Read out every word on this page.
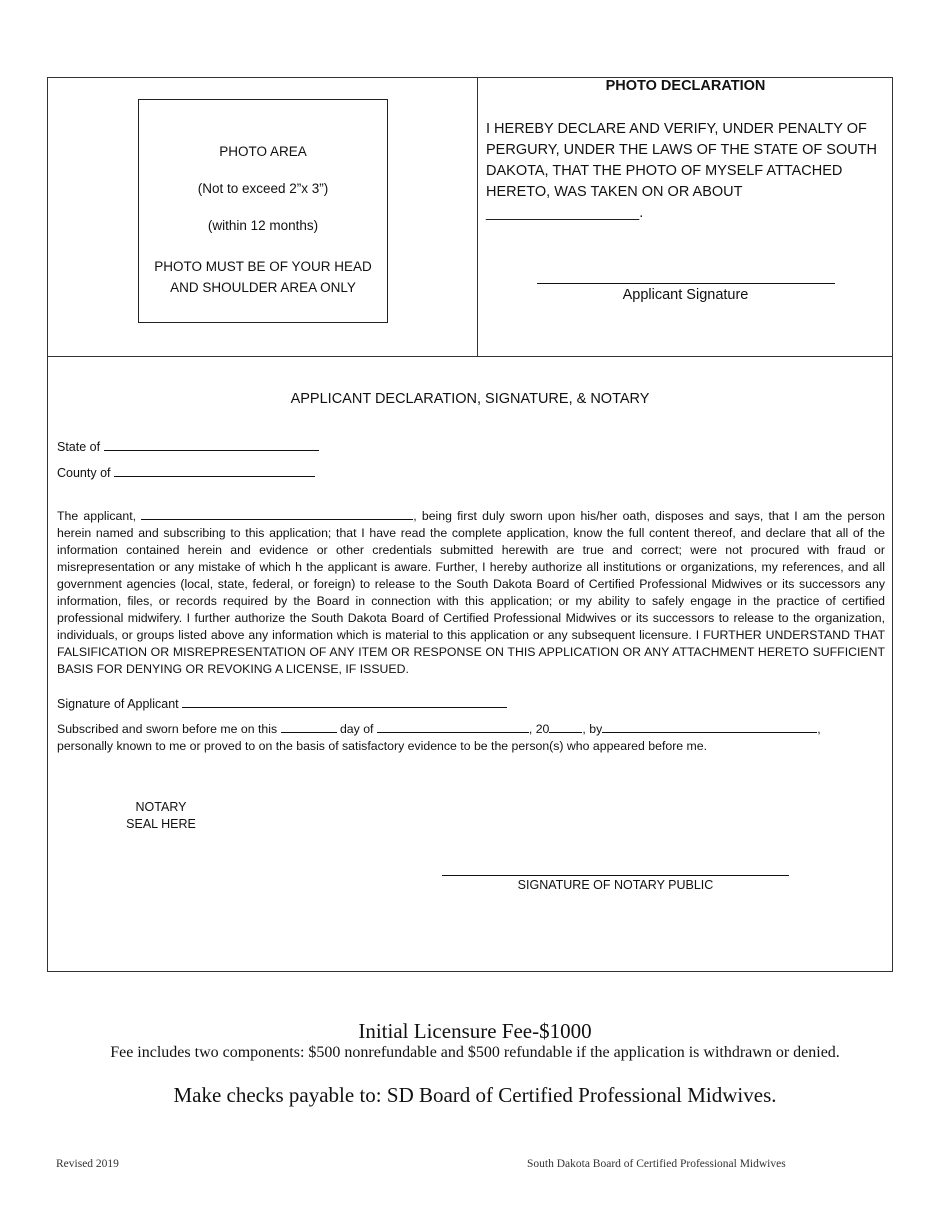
PHOTO AREA
(Not to exceed 2”x 3”)
(within 12 months)
PHOTO MUST BE OF YOUR HEAD AND SHOULDER AREA ONLY
PHOTO DECLARATION
I HEREBY DECLARE AND VERIFY, UNDER PENALTY OF PERGURY, UNDER THE LAWS OF THE STATE OF SOUTH DAKOTA, THAT THE PHOTO OF MYSELF ATTACHED HERETO, WAS TAKEN ON OR ABOUT
___________________.
Applicant Signature
APPLICANT DECLARATION, SIGNATURE, & NOTARY
State of
County of
The applicant,	, being first duly sworn upon his/her oath, disposes and says, that I am the person herein named and subscribing to this application; that I have read the complete application, know the full content thereof, and declare that all of the information contained herein and evidence or other credentials submitted herewith are true and correct; were not procured with fraud or misrepresentation or any mistake of which h the applicant is aware. Further, I hereby authorize all institutions or organizations, my references, and all government agencies (local, state, federal, or foreign) to release to the South Dakota Board of Certified Professional Midwives or its successors any information, files, or records required by the Board in connection with this application; or my ability to safely engage in the practice of certified professional midwifery. I further authorize the South Dakota Board of Certified Professional Midwives or its successors to release to the organization, individuals, or groups listed above any information which is material to this application or any subsequent licensure. I FURTHER UNDERSTAND THAT FALSIFICATION OR MISREPRESENTATION OF ANY ITEM OR RESPONSE ON THIS APPLICATION OR ANY ATTACHMENT HERETO SUFFICIENT BASIS FOR DENYING OR REVOKING A LICENSE, IF ISSUED.
Signature of Applicant
Subscribed and sworn before me on this	day of	, 20	, by	,
personally known to me or proved to on the basis of satisfactory evidence to be the person(s) who appeared before me.
NOTARY SEAL HERE
SIGNATURE OF NOTARY PUBLIC
Initial Licensure Fee-$1000
Fee includes two components: $500 nonrefundable and $500 refundable if the application is withdrawn or denied.
Make checks payable to: SD Board of Certified Professional Midwives.
Revised 2019	South Dakota Board of Certified Professional Midwives
